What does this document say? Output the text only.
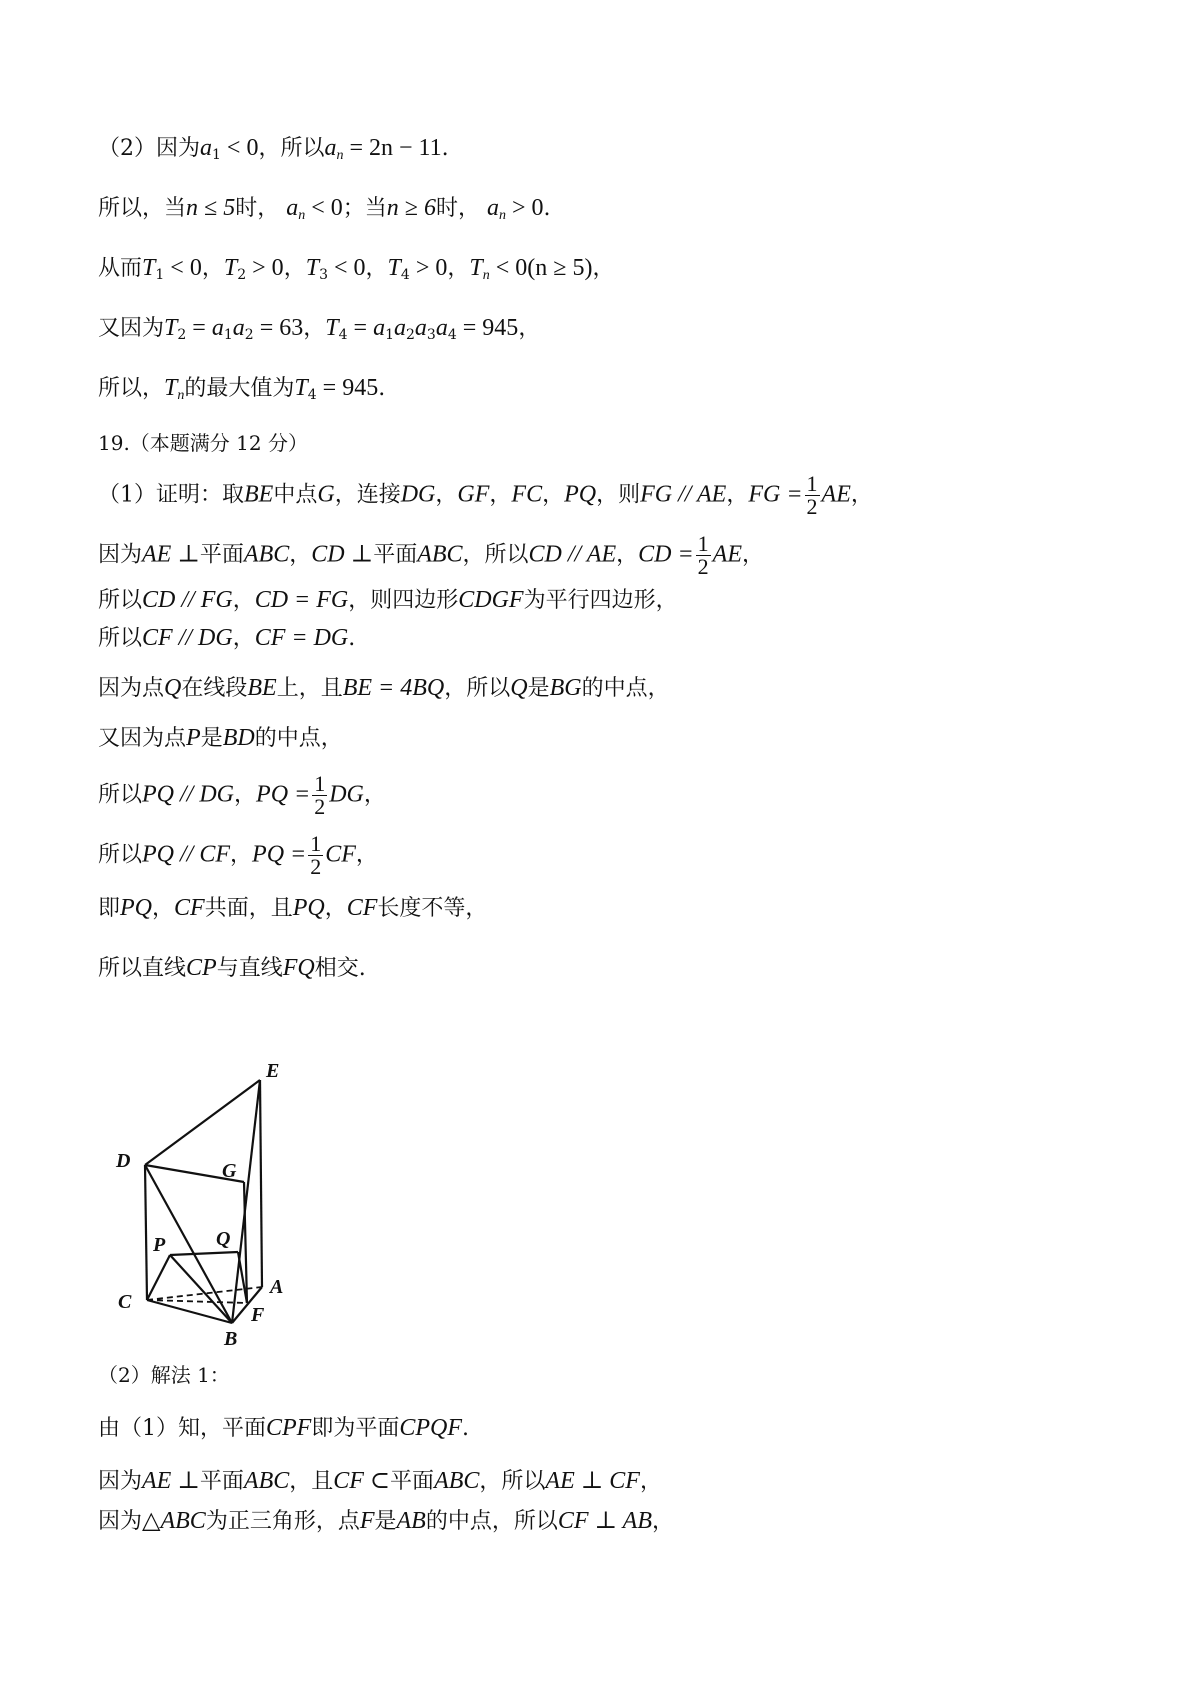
（2）因为$a_1 < 0$，所以$a_n = 2n - 11$.
所以，当n ≤ 5时， $a_n < 0$；当n ≥ 6时， $a_n > 0$.
从而$T_1 < 0$，$T_2 > 0$，$T_3 < 0$，$T_4 > 0$，$T_n < 0(n \ge 5)$，
又因为$T_2 = a_1a_2 = 63$，$T_4 = a_1a_2a_3a_4 = 945$，
所以，$T_n$的最大值为$T_4 = 945$.
19.（本题满分 12 分）
（1）证明：取BE中点G，连接DG，GF，FC，PQ，则FG // AE，FG = $\frac{1}{2}$ AE，
因为AE ⊥平面ABC，CD ⊥平面ABC，所以CD // AE，CD = $\frac{1}{2}$ AE，
所以CD // FG，CD = FG，则四边形CDGF为平行四边形，
所以CF // DG，CF = DG.
因为点Q在线段BE上，且BE = 4BQ，所以Q是BG的中点，
又因为点P是BD的中点，
所以PQ // DG，PQ = $\frac{1}{2}$ DG，
所以PQ // CF，PQ = $\frac{1}{2}$ CF，
即PQ，CF共面，且PQ，CF长度不等，
所以直线CP与直线FQ相交.
E
D	G
Q
P
C
A
F
B
（2）解法 1：
由（1）知，平面CPF即为平面CPQF.
因为AE ⊥平面ABC，且CF ⊂平面ABC，所以AE ⊥ CF，
因为△ABC为正三角形，点F是AB的中点，所以CF ⊥ AB，
